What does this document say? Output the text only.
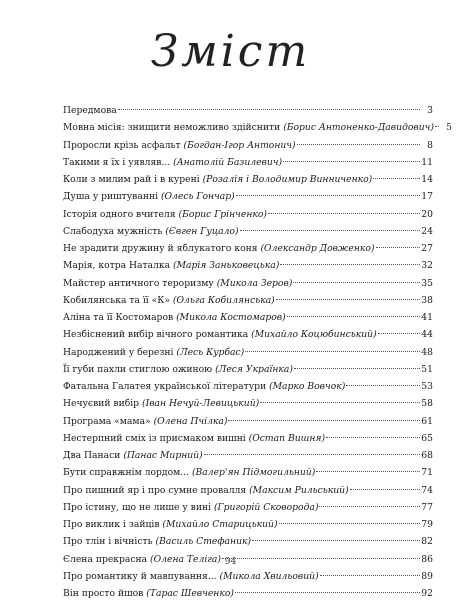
Зміст
Передмова	3
Мовна місія: знищити неможливо здійснити (Борис Антоненко-Давидович)	5
Проросли крізь асфальт (Богдан-Ігор Антонич)	8
Такими я їх і уявляв... (Анатолій Базилевич)	11
Коли з милим рай і в курені (Розалія і Володимир Винниченко)	14
Душа у риштуванні (Олесь Гончар)	17
Історія одного вчителя (Борис Грінченко)	20
Слабодуха мужність (Євген Гуцало)	24
Не зрадити дружину й яблукатого коня (Олександр Довженко)	27
Марія, котра Наталка (Марія Заньковецька)	32
Майстер античного тероризму (Микола Зеров)	35
Кобилянська та її «К» (Ольга Кобилянська)	38
Аліна та її Костомаров (Микола Костомаров)	41
Незбіснений вибір вічного романтика (Михайло Коцюбинський)	44
Народжений у березні (Лесь Курбас)	48
Її губи пахли стиглою ожиною (Леся Українка)	51
Фатальна Галатея української літератури (Марко Вовчок)	53
Нечуєвий вибір (Іван Нечуй-Левицький)	58
Програма «мама» (Олена Пчілка)	61
Нестерпний сміх із присмаком вишні (Остап Вишня)	65
Два Панаси (Панас Мирний)	68
Бути справжнім лордом... (Валер'ян Підмогильний)	71
Про пишний яр і про сумне провалля (Максим Рильський)	74
Про істину, що не лише у вині (Григорій Сковорода)	77
Про виклик і зайців (Михайло Старицький)	79
Про тлін і вічність (Василь Стефаник)	82
Єлена прекрасна (Олена Теліга)	86
Про романтику й мавпування... (Микола Хвильовий)	89
Він просто йшов (Тарас Шевченко)	92
94
